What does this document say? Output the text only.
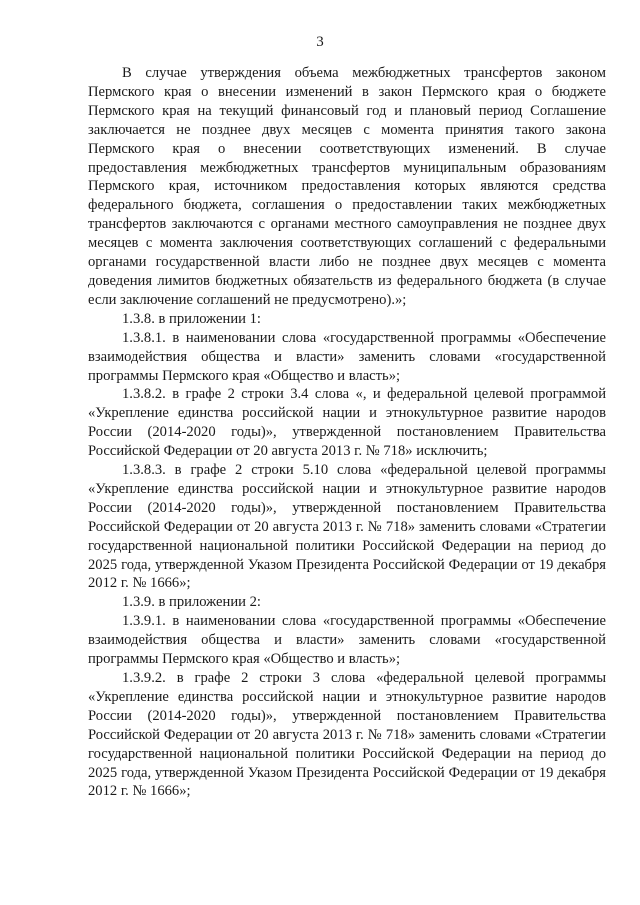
3

В случае утверждения объема межбюджетных трансфертов законом Пермского края о внесении изменений в закон Пермского края о бюджете Пермского края на текущий финансовый год и плановый период Соглашение заключается не позднее двух месяцев с момента принятия такого закона Пермского края о внесении соответствующих изменений. В случае предоставления межбюджетных трансфертов муниципальным образованиям Пермского края, источником предоставления которых являются средства федерального бюджета, соглашения о предоставлении таких межбюджетных трансфертов заключаются с органами местного самоуправления не позднее двух месяцев с момента заключения соответствующих соглашений с федеральными органами государственной власти либо не позднее двух месяцев с момента доведения лимитов бюджетных обязательств из федерального бюджета (в случае если заключение соглашений не предусмотрено).»;

1.3.8. в приложении 1:

1.3.8.1. в наименовании слова «государственной программы «Обеспечение взаимодействия общества и власти» заменить словами «государственной программы Пермского края «Общество и власть»;

1.3.8.2. в графе 2 строки 3.4 слова «, и федеральной целевой программой «Укрепление единства российской нации и этнокультурное развитие народов России (2014-2020 годы)», утвержденной постановлением Правительства Российской Федерации от 20 августа 2013 г. № 718» исключить;

1.3.8.3. в графе 2 строки 5.10 слова «федеральной целевой программы «Укрепление единства российской нации и этнокультурное развитие народов России (2014-2020 годы)», утвержденной постановлением Правительства Российской Федерации от 20 августа 2013 г. № 718» заменить словами «Стратегии государственной национальной политики Российской Федерации на период до 2025 года, утвержденной Указом Президента Российской Федерации от 19 декабря 2012 г. № 1666»;

1.3.9. в приложении 2:

1.3.9.1. в наименовании слова «государственной программы «Обеспечение взаимодействия общества и власти» заменить словами «государственной программы Пермского края «Общество и власть»;

1.3.9.2. в графе 2 строки 3 слова «федеральной целевой программы «Укрепление единства российской нации и этнокультурное развитие народов России (2014-2020 годы)», утвержденной постановлением Правительства Российской Федерации от 20 августа 2013 г. № 718» заменить словами «Стратегии государственной национальной политики Российской Федерации на период до 2025 года, утвержденной Указом Президента Российской Федерации от 19 декабря 2012 г. № 1666»;
